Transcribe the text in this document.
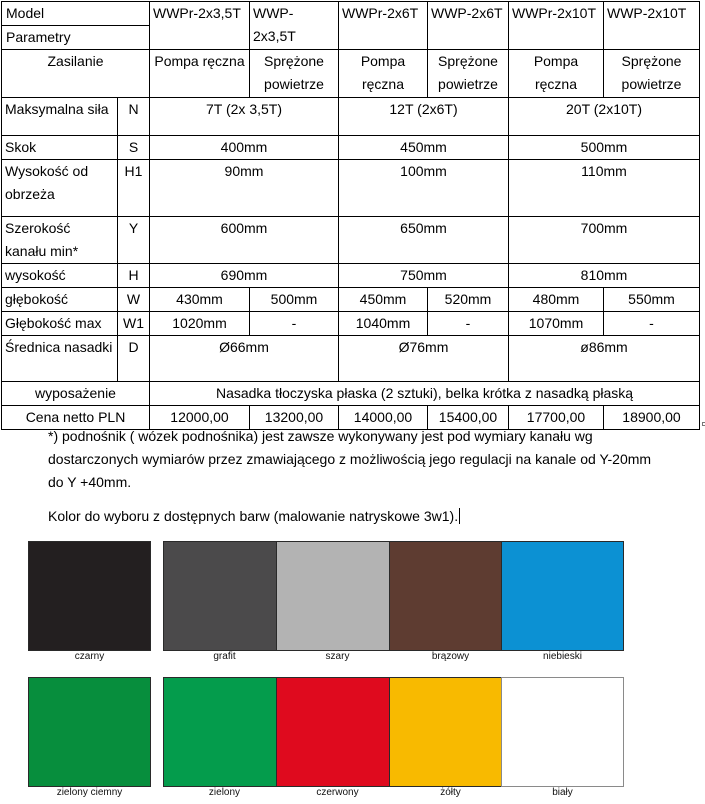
Model		WWPr-2x3,5T	WWP-2x3,5T	WWPr-2x6T	WWP-2x6T	WWPr-2x10T	WWP-2x10T
Parametry							
Zasilanie		Pompa ręczna	Sprężone powietrze	Pompa ręczna	Sprężone powietrze	Pompa ręczna	Sprężone powietrze
Maksymalna siła	N	7T (2x 3,5T)		12T (2x6T)		20T (2x10T)	
Skok	S	400mm		450mm		500mm	
Wysokość od obrzeża	H1	90mm		100mm		110mm	
Szerokość kanału min*	Y	600mm		650mm		700mm	
wysokość	H	690mm		750mm		810mm	
głębokość	W	430mm	500mm	450mm	520mm	480mm	550mm
Głębokość max	W1	1020mm	-	1040mm	-	1070mm	-
Średnica nasadki	D	Ø66mm		Ø76mm		ø86mm	
wyposażenie		Nasadka tłoczyska płaska (2 sztuki), belka krótka z nasadką płaską					
Cena netto PLN		12000,00	13200,00	14000,00	15400,00	17700,00	18900,00

*) podnośnik ( wózek podnośnika) jest zawsze wykonywany jest pod wymiary kanału wg dostarczonych wymiarów przez zmawiającego z możliwością jego regulacji na kanale od Y-20mm do Y +40mm.

Kolor do wyboru z dostępnych barw (malowanie natryskowe 3w1).

czarny	grafit	szary	brązowy	niebieski
zielony ciemny	zielony	czerwony	żółty	biały
